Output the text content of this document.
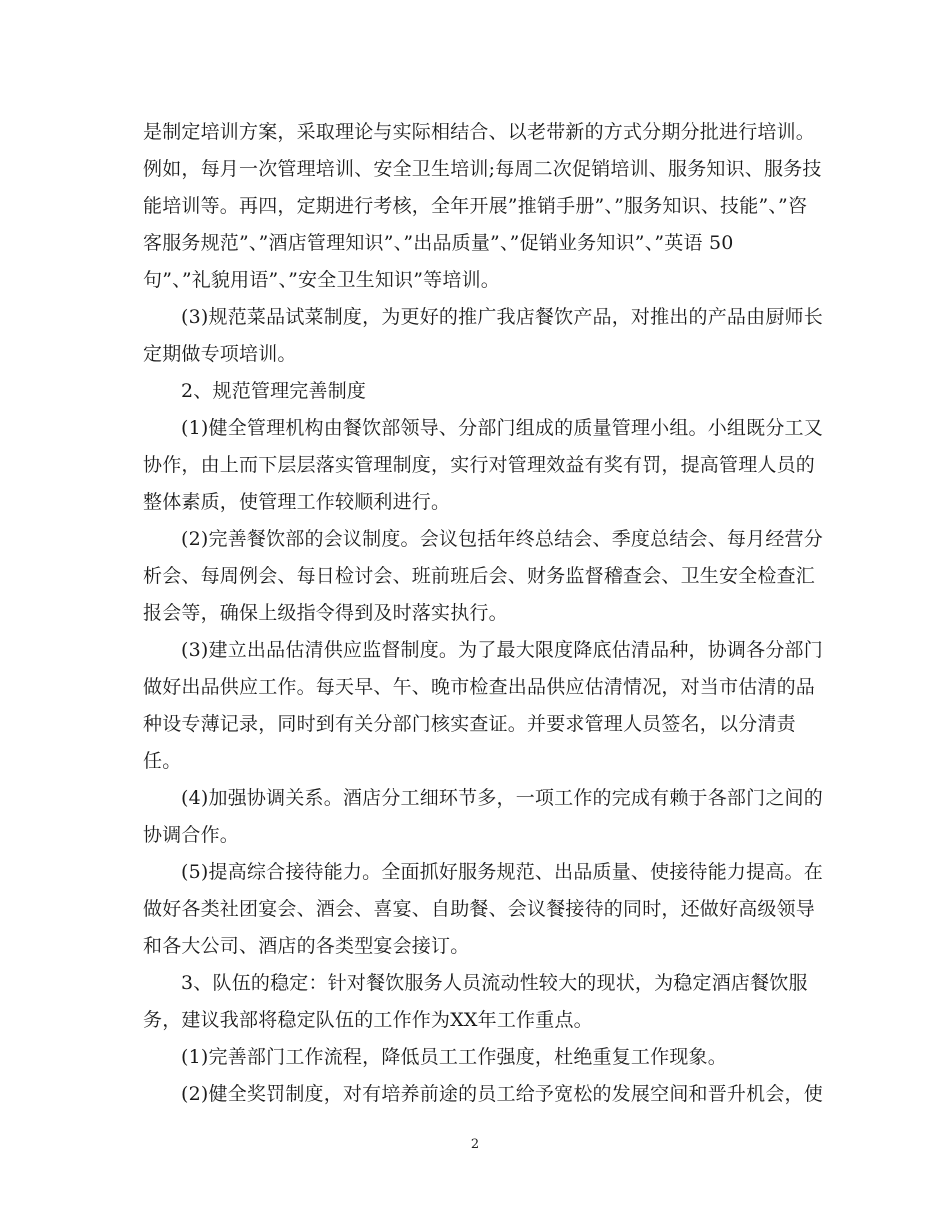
是制定培训方案，采取理论与实际相结合、以老带新的方式分期分批进行培训。
例如，每月一次管理培训、安全卫生培训;每周二次促销培训、服务知识、服务技
能培训等。再四，定期进行考核，全年开展”推销手册”、”服务知识、技能”、”咨
客服务规范”、”酒店管理知识”、”出品质量”、”促销业务知识”、”英语 50
句”、”礼貌用语”、”安全卫生知识”等培训。
(3)规范菜品试菜制度，为更好的推广我店餐饮产品，对推出的产品由厨师长
定期做专项培训。
2、规范管理完善制度
(1)健全管理机构由餐饮部领导、分部门组成的质量管理小组。小组既分工又
协作，由上而下层层落实管理制度，实行对管理效益有奖有罚，提高管理人员的
整体素质，使管理工作较顺利进行。
(2)完善餐饮部的会议制度。会议包括年终总结会、季度总结会、每月经营分
析会、每周例会、每日检讨会、班前班后会、财务监督稽查会、卫生安全检查汇
报会等，确保上级指令得到及时落实执行。
(3)建立出品估清供应监督制度。为了最大限度降底估清品种，协调各分部门
做好出品供应工作。每天早、午、晚市检查出品供应估清情况，对当市估清的品
种设专薄记录，同时到有关分部门核实查证。并要求管理人员签名，以分清责
任。
(4)加强协调关系。酒店分工细环节多，一项工作的完成有赖于各部门之间的
协调合作。
(5)提高综合接待能力。全面抓好服务规范、出品质量、使接待能力提高。在
做好各类社团宴会、酒会、喜宴、自助餐、会议餐接待的同时，还做好高级领导
和各大公司、酒店的各类型宴会接订。
3、队伍的稳定：针对餐饮服务人员流动性较大的现状，为稳定酒店餐饮服
务，建议我部将稳定队伍的工作作为XX年工作重点。
(1)完善部门工作流程，降低员工工作强度，杜绝重复工作现象。
(2)健全奖罚制度，对有培养前途的员工给予宽松的发展空间和晋升机会，使
2
